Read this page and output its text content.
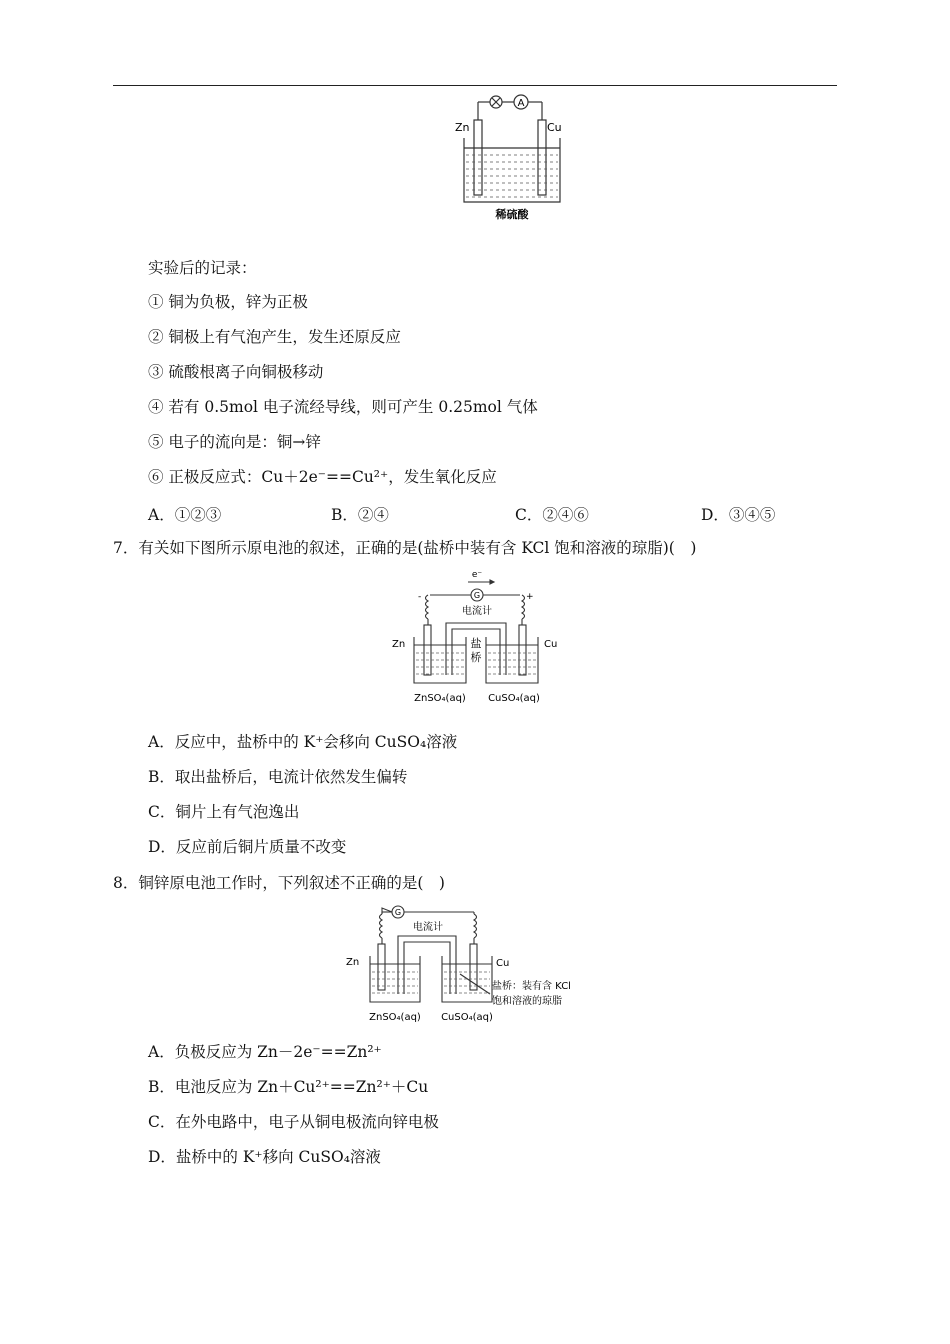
A
Zn	Cu
稀硫酸
实验后的记录：
① 铜为负极，锌为正极
② 铜极上有气泡产生，发生还原反应
③ 硫酸根离子向铜极移动
④ 若有 0.5mol 电子流经导线，则可产生 0.25mol 气体
⑤ 电子的流向是：铜→锌
⑥ 正极反应式：Cu＋2e⁻==Cu²⁺，发生氧化反应
A．①②③	B．②④	C．②④⑥	D．③④⑤
7．有关如下图所示原电池的叙述，正确的是(盐桥中装有含 KCl 饱和溶液的琼脂)(　)
e⁻
G
电流计
-	+
盐
桥
Zn	Cu
ZnSO₄(aq) CuSO₄(aq)
A．反应中，盐桥中的 K⁺会移向 CuSO₄溶液
B．取出盐桥后，电流计依然发生偏转
C．铜片上有气泡逸出
D．反应前后铜片质量不改变
8．铜锌原电池工作时，下列叙述不正确的是(　)
G
电流计
Zn	Cu
盐桥：装有含 KCl
饱和溶液的琼脂
ZnSO₄(aq) CuSO₄(aq)
A．负极反应为 Zn－2e⁻==Zn²⁺
B．电池反应为 Zn＋Cu²⁺==Zn²⁺＋Cu
C．在外电路中，电子从铜电极流向锌电极
D．盐桥中的 K⁺移向 CuSO₄溶液
